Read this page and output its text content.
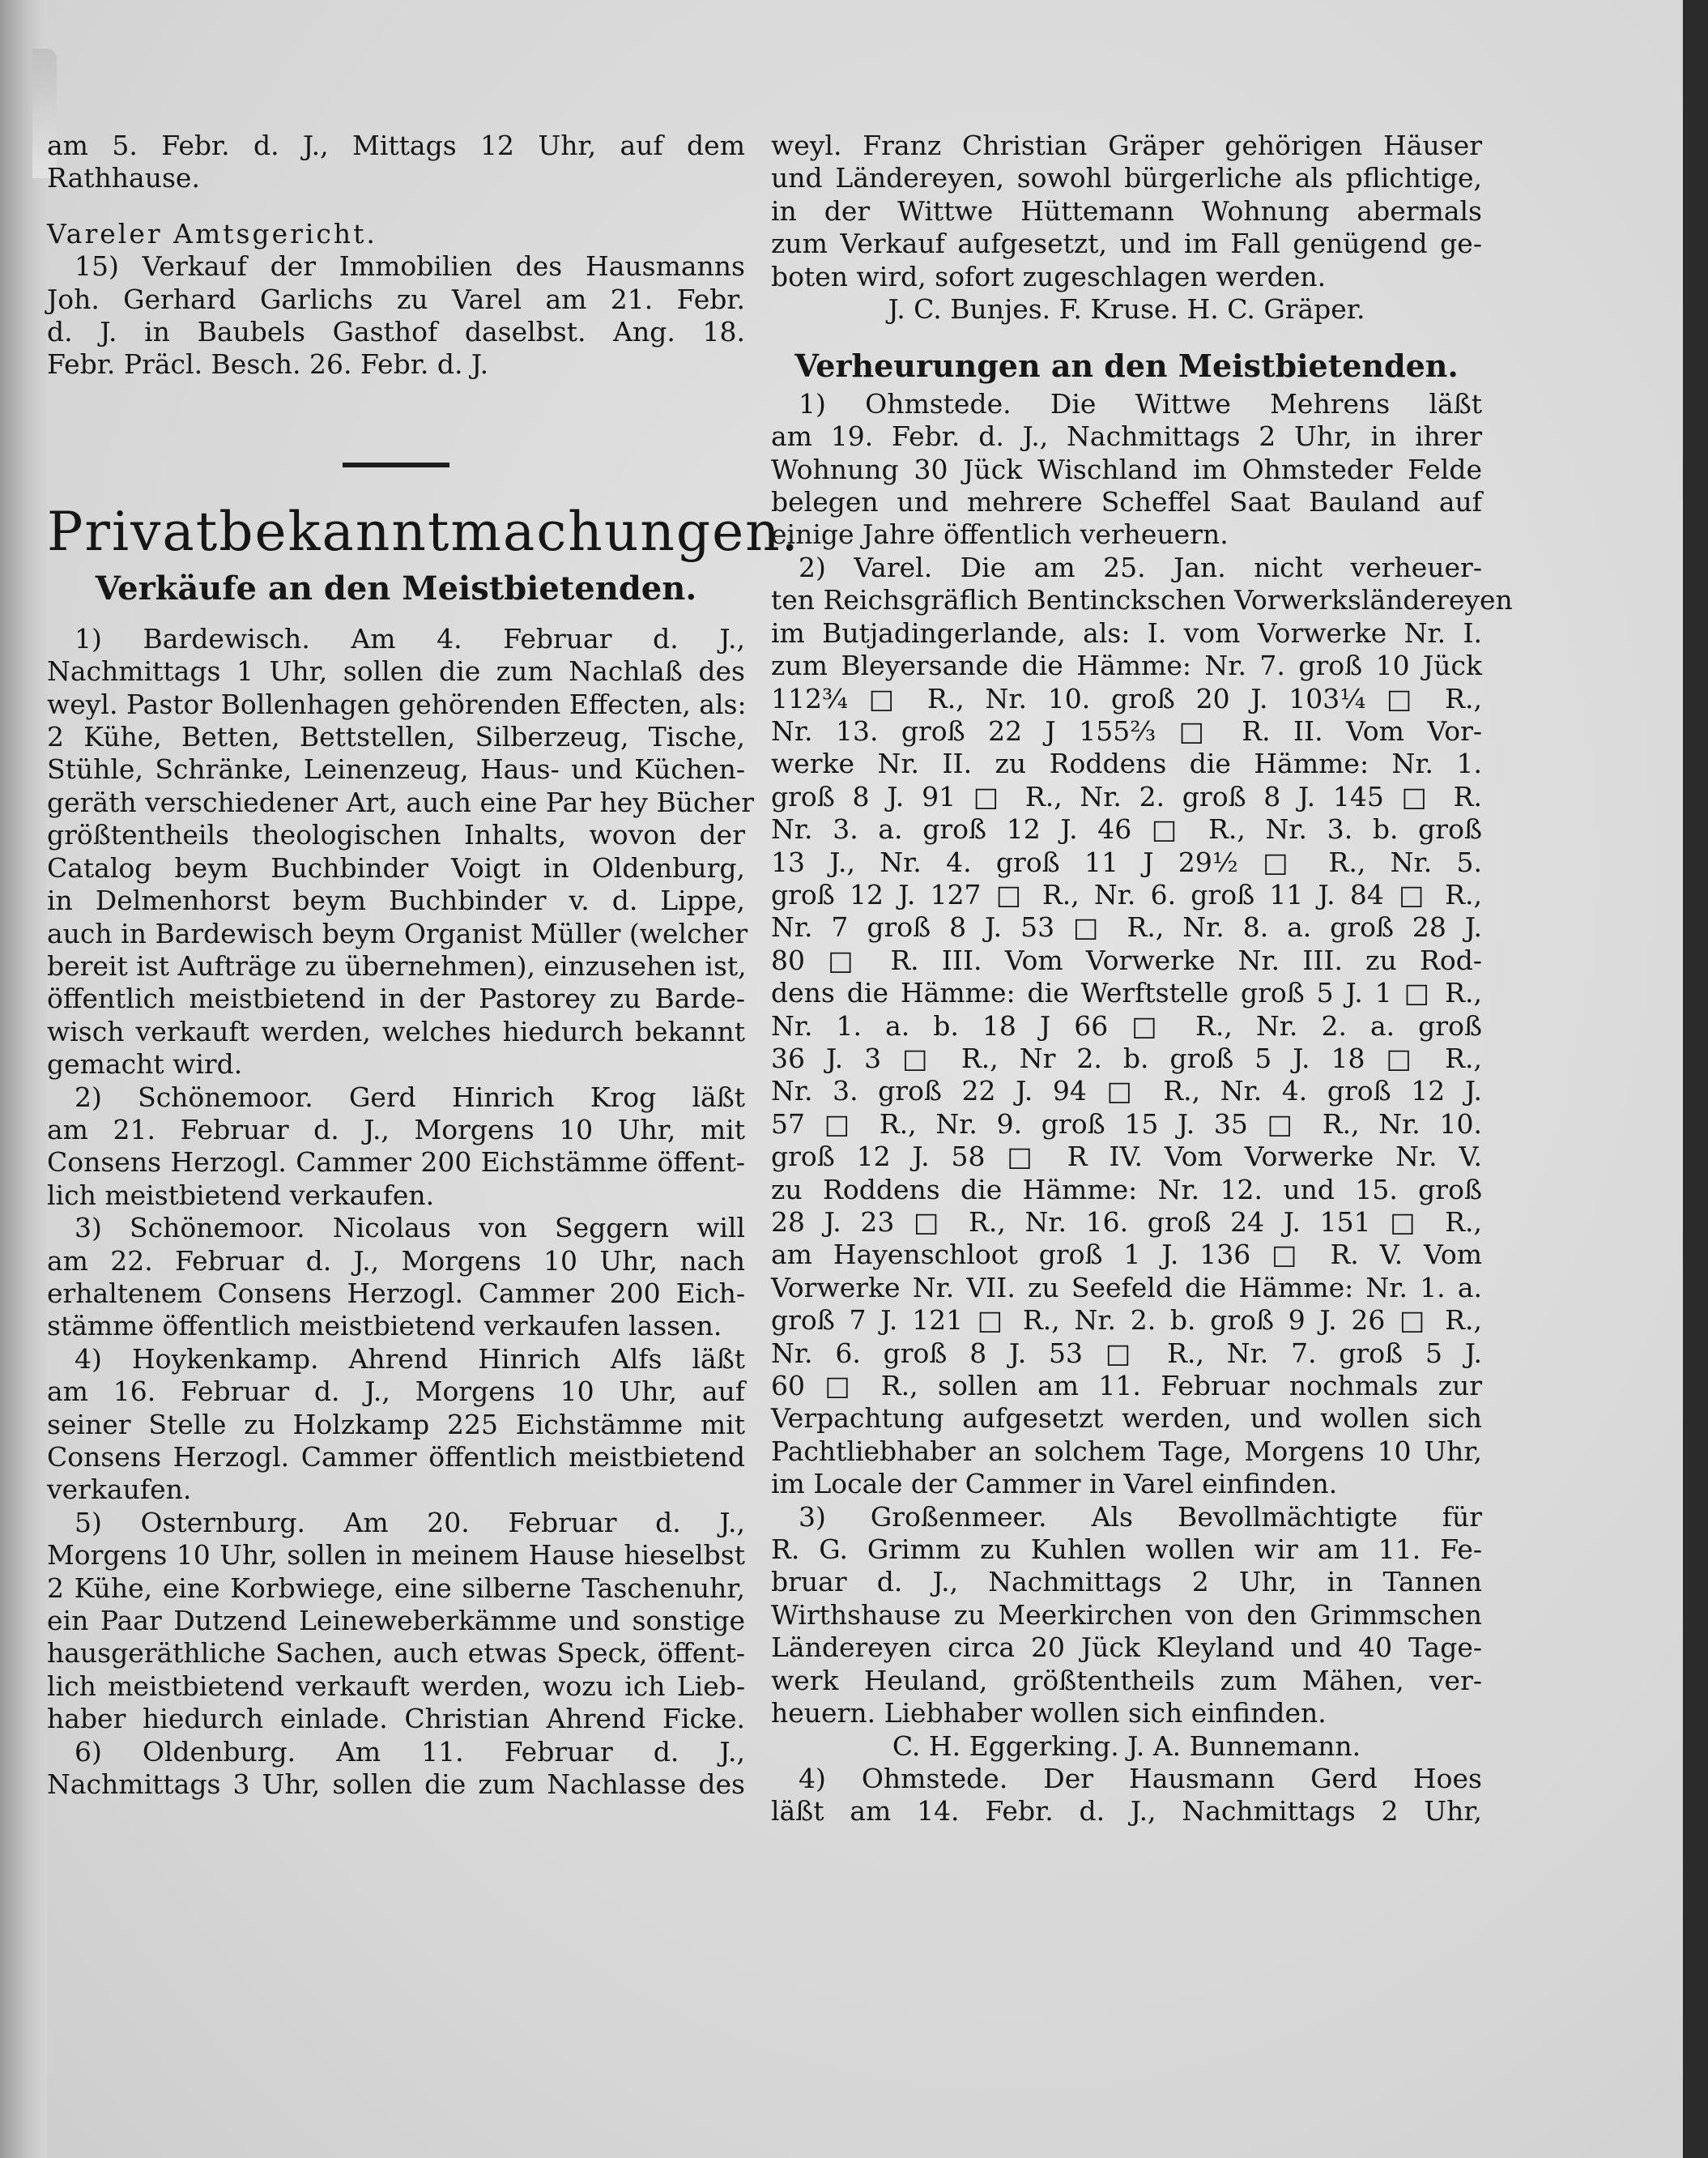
am 5. Febr. d. J., Mittags 12 Uhr, auf dem
Rathhause.
Vareler Amtsgericht.
15) Verkauf der Immobilien des Hausmanns
Joh. Gerhard Garlichs zu Varel am 21. Febr.
d. J. in Baubels Gasthof daselbst. Ang. 18.
Febr. Präcl. Besch. 26. Febr. d. J.
Privatbekanntmachungen.
Verkäufe an den Meistbietenden.
1) Bardewisch. Am 4. Februar d. J.,
Nachmittags 1 Uhr, sollen die zum Nachlaß des
weyl. Pastor Bollenhagen gehörenden Effecten, als:
2 Kühe, Betten, Bettstellen, Silberzeug, Tische,
Stühle, Schränke, Leinenzeug, Haus- und Küchen-
geräth verschiedener Art, auch eine Par hey Bücher
größtentheils theologischen Inhalts, wovon der
Catalog beym Buchbinder Voigt in Oldenburg,
in Delmenhorst beym Buchbinder v. d. Lippe,
auch in Bardewisch beym Organist Müller (welcher
bereit ist Aufträge zu übernehmen), einzusehen ist,
öffentlich meistbietend in der Pastorey zu Barde-
wisch verkauft werden, welches hiedurch bekannt
gemacht wird.
2) Schönemoor. Gerd Hinrich Krog läßt
am 21. Februar d. J., Morgens 10 Uhr, mit
Consens Herzogl. Cammer 200 Eichstämme öffent-
lich meistbietend verkaufen.
3) Schönemoor. Nicolaus von Seggern will
am 22. Februar d. J., Morgens 10 Uhr, nach
erhaltenem Consens Herzogl. Cammer 200 Eich-
stämme öffentlich meistbietend verkaufen lassen.
4) Hoykenkamp. Ahrend Hinrich Alfs läßt
am 16. Februar d. J., Morgens 10 Uhr, auf
seiner Stelle zu Holzkamp 225 Eichstämme mit
Consens Herzogl. Cammer öffentlich meistbietend
verkaufen.
5) Osternburg. Am 20. Februar d. J.,
Morgens 10 Uhr, sollen in meinem Hause hieselbst
2 Kühe, eine Korbwiege, eine silberne Taschenuhr,
ein Paar Dutzend Leineweberkämme und sonstige
hausgeräthliche Sachen, auch etwas Speck, öffent-
lich meistbietend verkauft werden, wozu ich Lieb-
haber hiedurch einlade. Christian Ahrend Ficke.
6) Oldenburg. Am 11. Februar d. J.,
Nachmittags 3 Uhr, sollen die zum Nachlasse des
weyl. Franz Christian Gräper gehörigen Häuser
und Ländereyen, sowohl bürgerliche als pflichtige,
in der Wittwe Hüttemann Wohnung abermals
zum Verkauf aufgesetzt, und im Fall genügend ge-
boten wird, sofort zugeschlagen werden.
J. C. Bunjes. F. Kruse. H. C. Gräper.
Verheurungen an den Meistbietenden.
1) Ohmstede. Die Wittwe Mehrens läßt
am 19. Febr. d. J., Nachmittags 2 Uhr, in ihrer
Wohnung 30 Jück Wischland im Ohmsteder Felde
belegen und mehrere Scheffel Saat Bauland auf
einige Jahre öffentlich verheuern.
2) Varel. Die am 25. Jan. nicht verheuer-
ten Reichsgräflich Bentinckschen Vorwerksländereyen
im Butjadingerlande, als: I. vom Vorwerke Nr. I.
zum Bleyersande die Hämme: Nr. 7. groß 10 Jück
112¾ □ R., Nr. 10. groß 20 J. 103¼ □ R.,
Nr. 13. groß 22 J 155⅔ □ R. II. Vom Vor-
werke Nr. II. zu Roddens die Hämme: Nr. 1.
groß 8 J. 91 □ R., Nr. 2. groß 8 J. 145 □ R.
Nr. 3. a. groß 12 J. 46 □ R., Nr. 3. b. groß
13 J., Nr. 4. groß 11 J 29½ □ R., Nr. 5.
groß 12 J. 127 □ R., Nr. 6. groß 11 J. 84 □ R.,
Nr. 7 groß 8 J. 53 □ R., Nr. 8. a. groß 28 J.
80 □ R. III. Vom Vorwerke Nr. III. zu Rod-
dens die Hämme: die Werftstelle groß 5 J. 1 □ R.,
Nr. 1. a. b. 18 J 66 □ R., Nr. 2. a. groß
36 J. 3 □ R., Nr 2. b. groß 5 J. 18 □ R.,
Nr. 3. groß 22 J. 94 □ R., Nr. 4. groß 12 J.
57 □ R., Nr. 9. groß 15 J. 35 □ R., Nr. 10.
groß 12 J. 58 □ R IV. Vom Vorwerke Nr. V.
zu Roddens die Hämme: Nr. 12. und 15. groß
28 J. 23 □ R., Nr. 16. groß 24 J. 151 □ R.,
am Hayenschloot groß 1 J. 136 □ R. V. Vom
Vorwerke Nr. VII. zu Seefeld die Hämme: Nr. 1. a.
groß 7 J. 121 □ R., Nr. 2. b. groß 9 J. 26 □ R.,
Nr. 6. groß 8 J. 53 □ R., Nr. 7. groß 5 J.
60 □ R., sollen am 11. Februar nochmals zur
Verpachtung aufgesetzt werden, und wollen sich
Pachtliebhaber an solchem Tage, Morgens 10 Uhr,
im Locale der Cammer in Varel einfinden.
3) Großenmeer. Als Bevollmächtigte für
R. G. Grimm zu Kuhlen wollen wir am 11. Fe-
bruar d. J., Nachmittags 2 Uhr, in Tannen
Wirthshause zu Meerkirchen von den Grimmschen
Ländereyen circa 20 Jück Kleyland und 40 Tage-
werk Heuland, größtentheils zum Mähen, ver-
heuern. Liebhaber wollen sich einfinden.
C. H. Eggerking. J. A. Bunnemann.
4) Ohmstede. Der Hausmann Gerd Hoes
läßt am 14. Febr. d. J., Nachmittags 2 Uhr,
